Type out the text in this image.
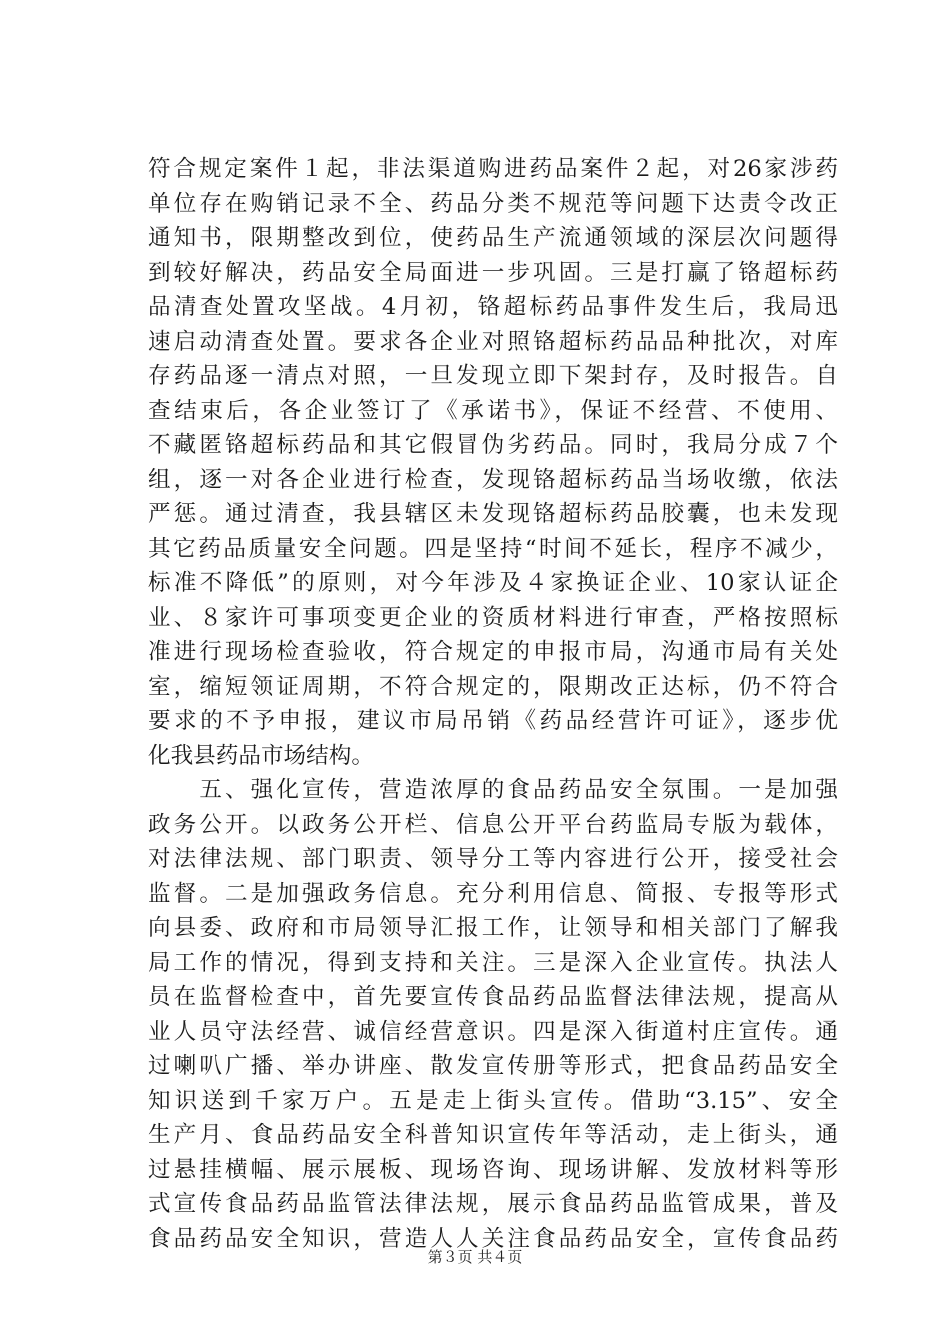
符合规定案件１起，非法渠道购进药品案件２起，对26家涉药
单位存在购销记录不全、药品分类不规范等问题下达责令改正
通知书，限期整改到位，使药品生产流通领域的深层次问题得
到较好解决，药品安全局面进一步巩固。三是打赢了铬超标药
品清查处置攻坚战。4月初，铬超标药品事件发生后，我局迅
速启动清查处置。要求各企业对照铬超标药品品种批次，对库
存药品逐一清点对照，一旦发现立即下架封存，及时报告。自
查结束后，各企业签订了《承诺书》，保证不经营、不使用、
不藏匿铬超标药品和其它假冒伪劣药品。同时，我局分成７个
组，逐一对各企业进行检查，发现铬超标药品当场收缴，依法
严惩。通过清查，我县辖区未发现铬超标药品胶囊，也未发现
其它药品质量安全问题。四是坚持“时间不延长，程序不减少，
标准不降低”的原则，对今年涉及４家换证企业、10家认证企
业、８家许可事项变更企业的资质材料进行审查，严格按照标
准进行现场检查验收，符合规定的申报市局，沟通市局有关处
室，缩短领证周期，不符合规定的，限期改正达标，仍不符合
要求的不予申报，建议市局吊销《药品经营许可证》，逐步优
化我县药品市场结构。
　　五、强化宣传，营造浓厚的食品药品安全氛围。一是加强
政务公开。以政务公开栏、信息公开平台药监局专版为载体，
对法律法规、部门职责、领导分工等内容进行公开，接受社会
监督。二是加强政务信息。充分利用信息、简报、专报等形式
向县委、政府和市局领导汇报工作，让领导和相关部门了解我
局工作的情况，得到支持和关注。三是深入企业宣传。执法人
员在监督检查中，首先要宣传食品药品监督法律法规，提高从
业人员守法经营、诚信经营意识。四是深入街道村庄宣传。通
过喇叭广播、举办讲座、散发宣传册等形式，把食品药品安全
知识送到千家万户。五是走上街头宣传。借助“3.15”、安全
生产月、食品药品安全科普知识宣传年等活动，走上街头，通
过悬挂横幅、展示展板、现场咨询、现场讲解、发放材料等形
式宣传食品药品监管法律法规，展示食品药品监管成果，普及
食品药品安全知识，营造人人关注食品药品安全，宣传食品药
第３页 共４页
